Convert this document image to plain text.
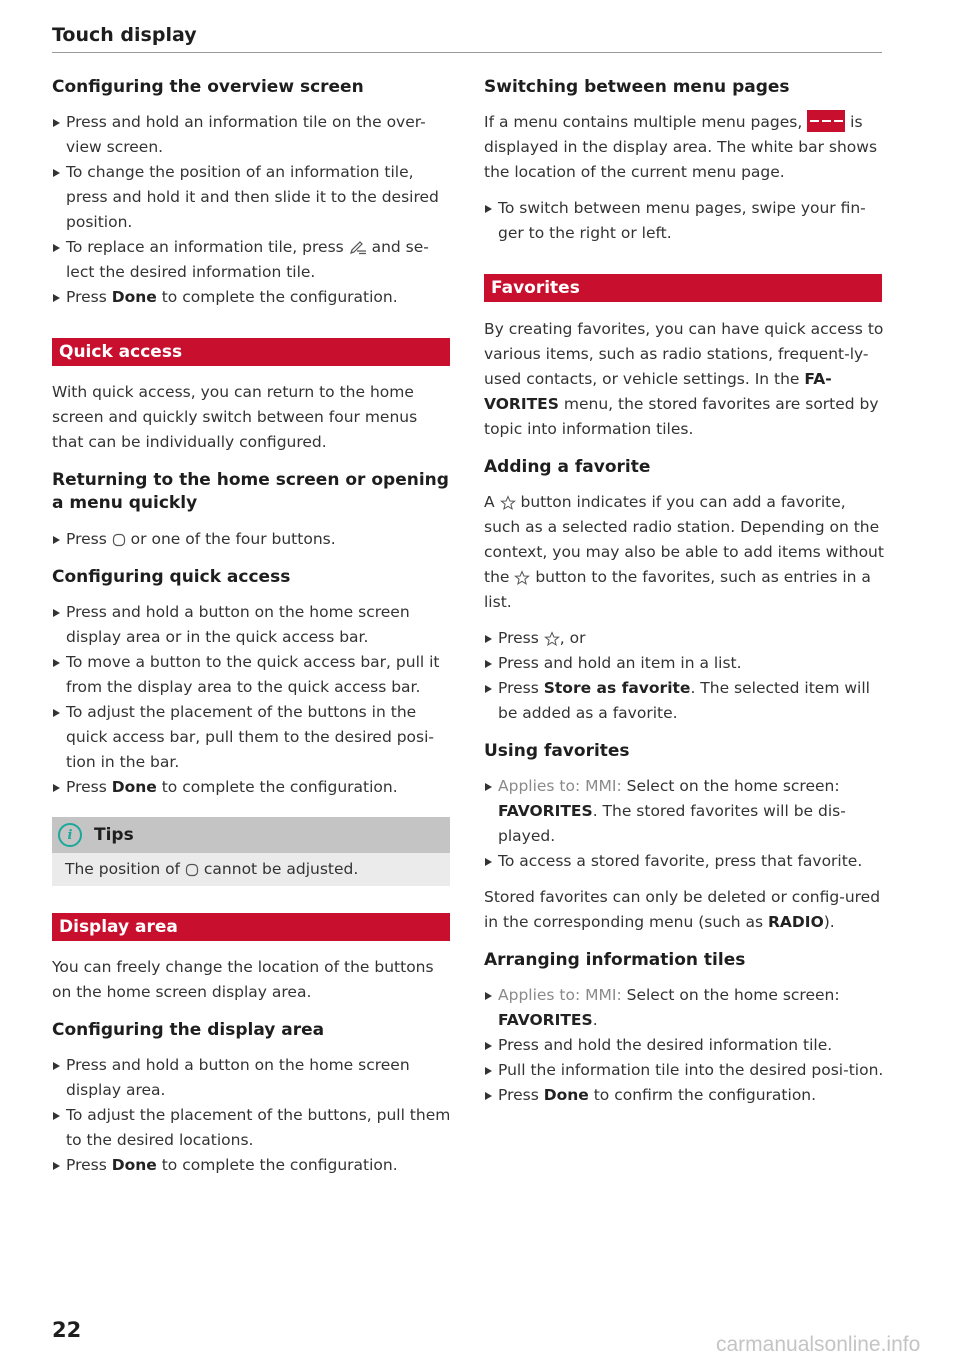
Touch display
Configuring the overview screen
Press and hold an information tile on the over-view screen.
To change the position of an information tile, press and hold it and then slide it to the desired position.
To replace an information tile, press and se-lect the desired information tile.
Press Done to complete the configuration.
Quick access

With quick access, you can return to the home screen and quickly switch between four menus that can be individually configured.

Returning to the home screen or opening a menu quickly
Press or one of the four buttons.
Configuring quick access
Press and hold a button on the home screen display area or in the quick access bar.
To move a button to the quick access bar, pull it from the display area to the quick access bar.
To adjust the placement of the buttons in the quick access bar, pull them to the desired posi-tion in the bar.
Press Done to complete the configuration.
i	Tips
The position of cannot be adjusted.
Display area

You can freely change the location of the buttons on the home screen display area.

Configuring the display area
Press and hold a button on the home screen display area.
To adjust the placement of the buttons, pull them to the desired locations.
Press Done to complete the configuration.
Switching between menu pages

If a menu contains multiple menu pages,	is displayed in the display area. The white bar shows the location of the current menu page.

To switch between menu pages, swipe your fin-ger to the right or left.
Favorites

By creating favorites, you can have quick access to various items, such as radio stations, frequent-ly-used contacts, or vehicle settings. In the FA-VORITES menu, the stored favorites are sorted by topic into information tiles.

Adding a favorite

A button indicates if you can add a favorite, such as a selected radio station. Depending on the context, you may also be able to add items without the button to the favorites, such as entries in a list.

Press , or
Press and hold an item in a list.
Press Store as favorite. The selected item will be added as a favorite.
Using favorites
Applies to: MMI: Select on the home screen: FAVORITES. The stored favorites will be dis-played.
To access a stored favorite, press that favorite.

Stored favorites can only be deleted or config-ured in the corresponding menu (such as RADIO).

Arranging information tiles
Applies to: MMI: Select on the home screen: FAVORITES.
Press and hold the desired information tile.
Pull the information tile into the desired posi-tion.
Press Done to confirm the configuration.
22
carmanualsonline.info
